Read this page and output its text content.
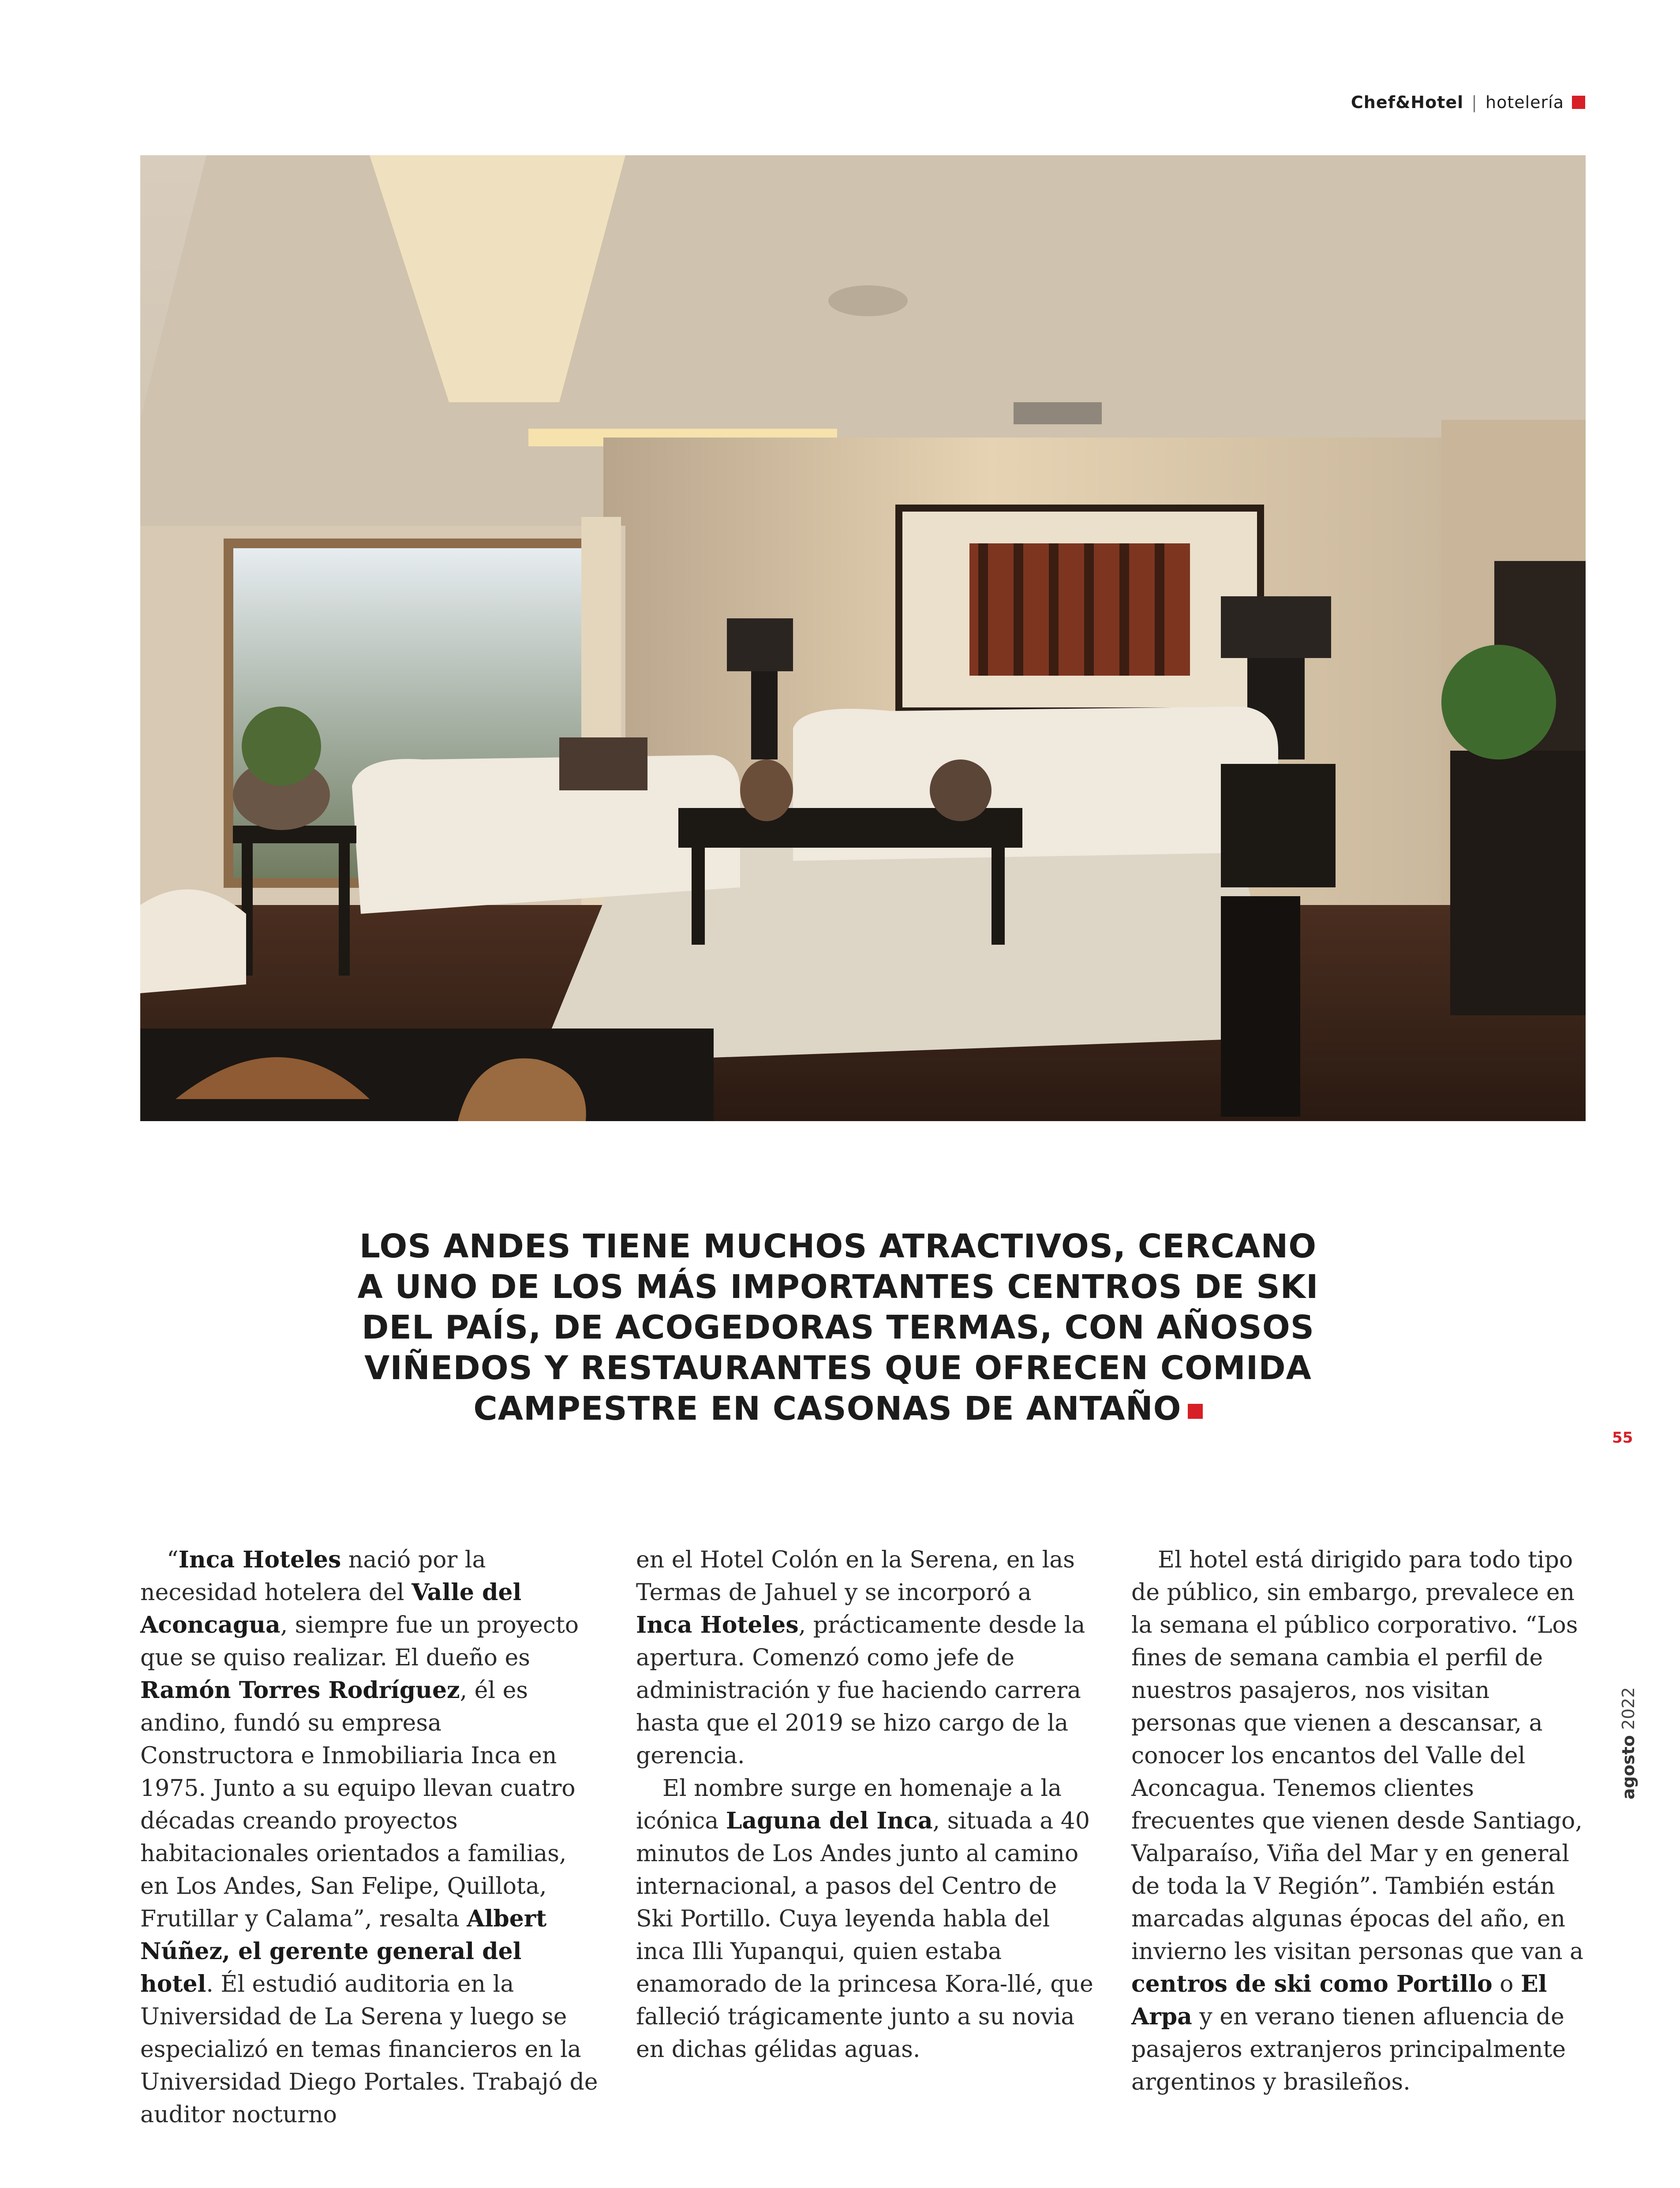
Chef&Hotel | hotelería
LOS ANDES TIENE MUCHOS ATRACTIVOS, CERCANO
A UNO DE LOS MÁS IMPORTANTES CENTROS DE SKI
DEL PAÍS, DE ACOGEDORAS TERMAS, CON AÑOSOS
VIÑEDOS Y RESTAURANTES QUE OFRECEN COMIDA
CAMPESTRE EN CASONAS DE ANTAÑO

“Inca Hoteles nació por la necesidad hotelera del Valle del Aconcagua, siempre fue un proyecto que se quiso realizar. El dueño es Ramón Torres Rodríguez, él es andino, fundó su empresa Constructora e Inmobiliaria Inca en 1975. Junto a su equipo llevan cuatro décadas creando proyectos habitacionales orientados a familias, en Los Andes, San Felipe, Quillota, Frutillar y Calama”, resalta Albert Núñez, el gerente general del hotel. Él estudió auditoria en la Universidad de La Serena y luego se especializó en temas financieros en la Universidad Diego Portales. Trabajó de auditor nocturno

en el Hotel Colón en la Serena, en las Termas de Jahuel y se incorporó a Inca Hoteles, prácticamente desde la apertura. Comenzó como jefe de administración y fue haciendo carrera hasta que el 2019 se hizo cargo de la gerencia.

El nombre surge en homenaje a la icónica Laguna del Inca, situada a 40 minutos de Los Andes junto al camino internacional, a pasos del Centro de Ski Portillo. Cuya leyenda habla del inca Illi Yupanqui, quien estaba enamorado de la princesa Kora-llé, que falleció trágicamente junto a su novia en dichas gélidas aguas.

El hotel está dirigido para todo tipo de público, sin embargo, prevalece en la semana el público corporativo. “Los fines de semana cambia el perfil de nuestros pasajeros, nos visitan personas que vienen a descansar, a conocer los encantos del Valle del Aconcagua. Tenemos clientes frecuentes que vienen desde Santiago, Valparaíso, Viña del Mar y en general de toda la V Región”. También están marcadas algunas épocas del año, en invierno les visitan personas que van a centros de ski como Portillo o El Arpa y en verano tienen afluencia de pasajeros extranjeros principalmente argentinos y brasileños.

55
agosto 2022
